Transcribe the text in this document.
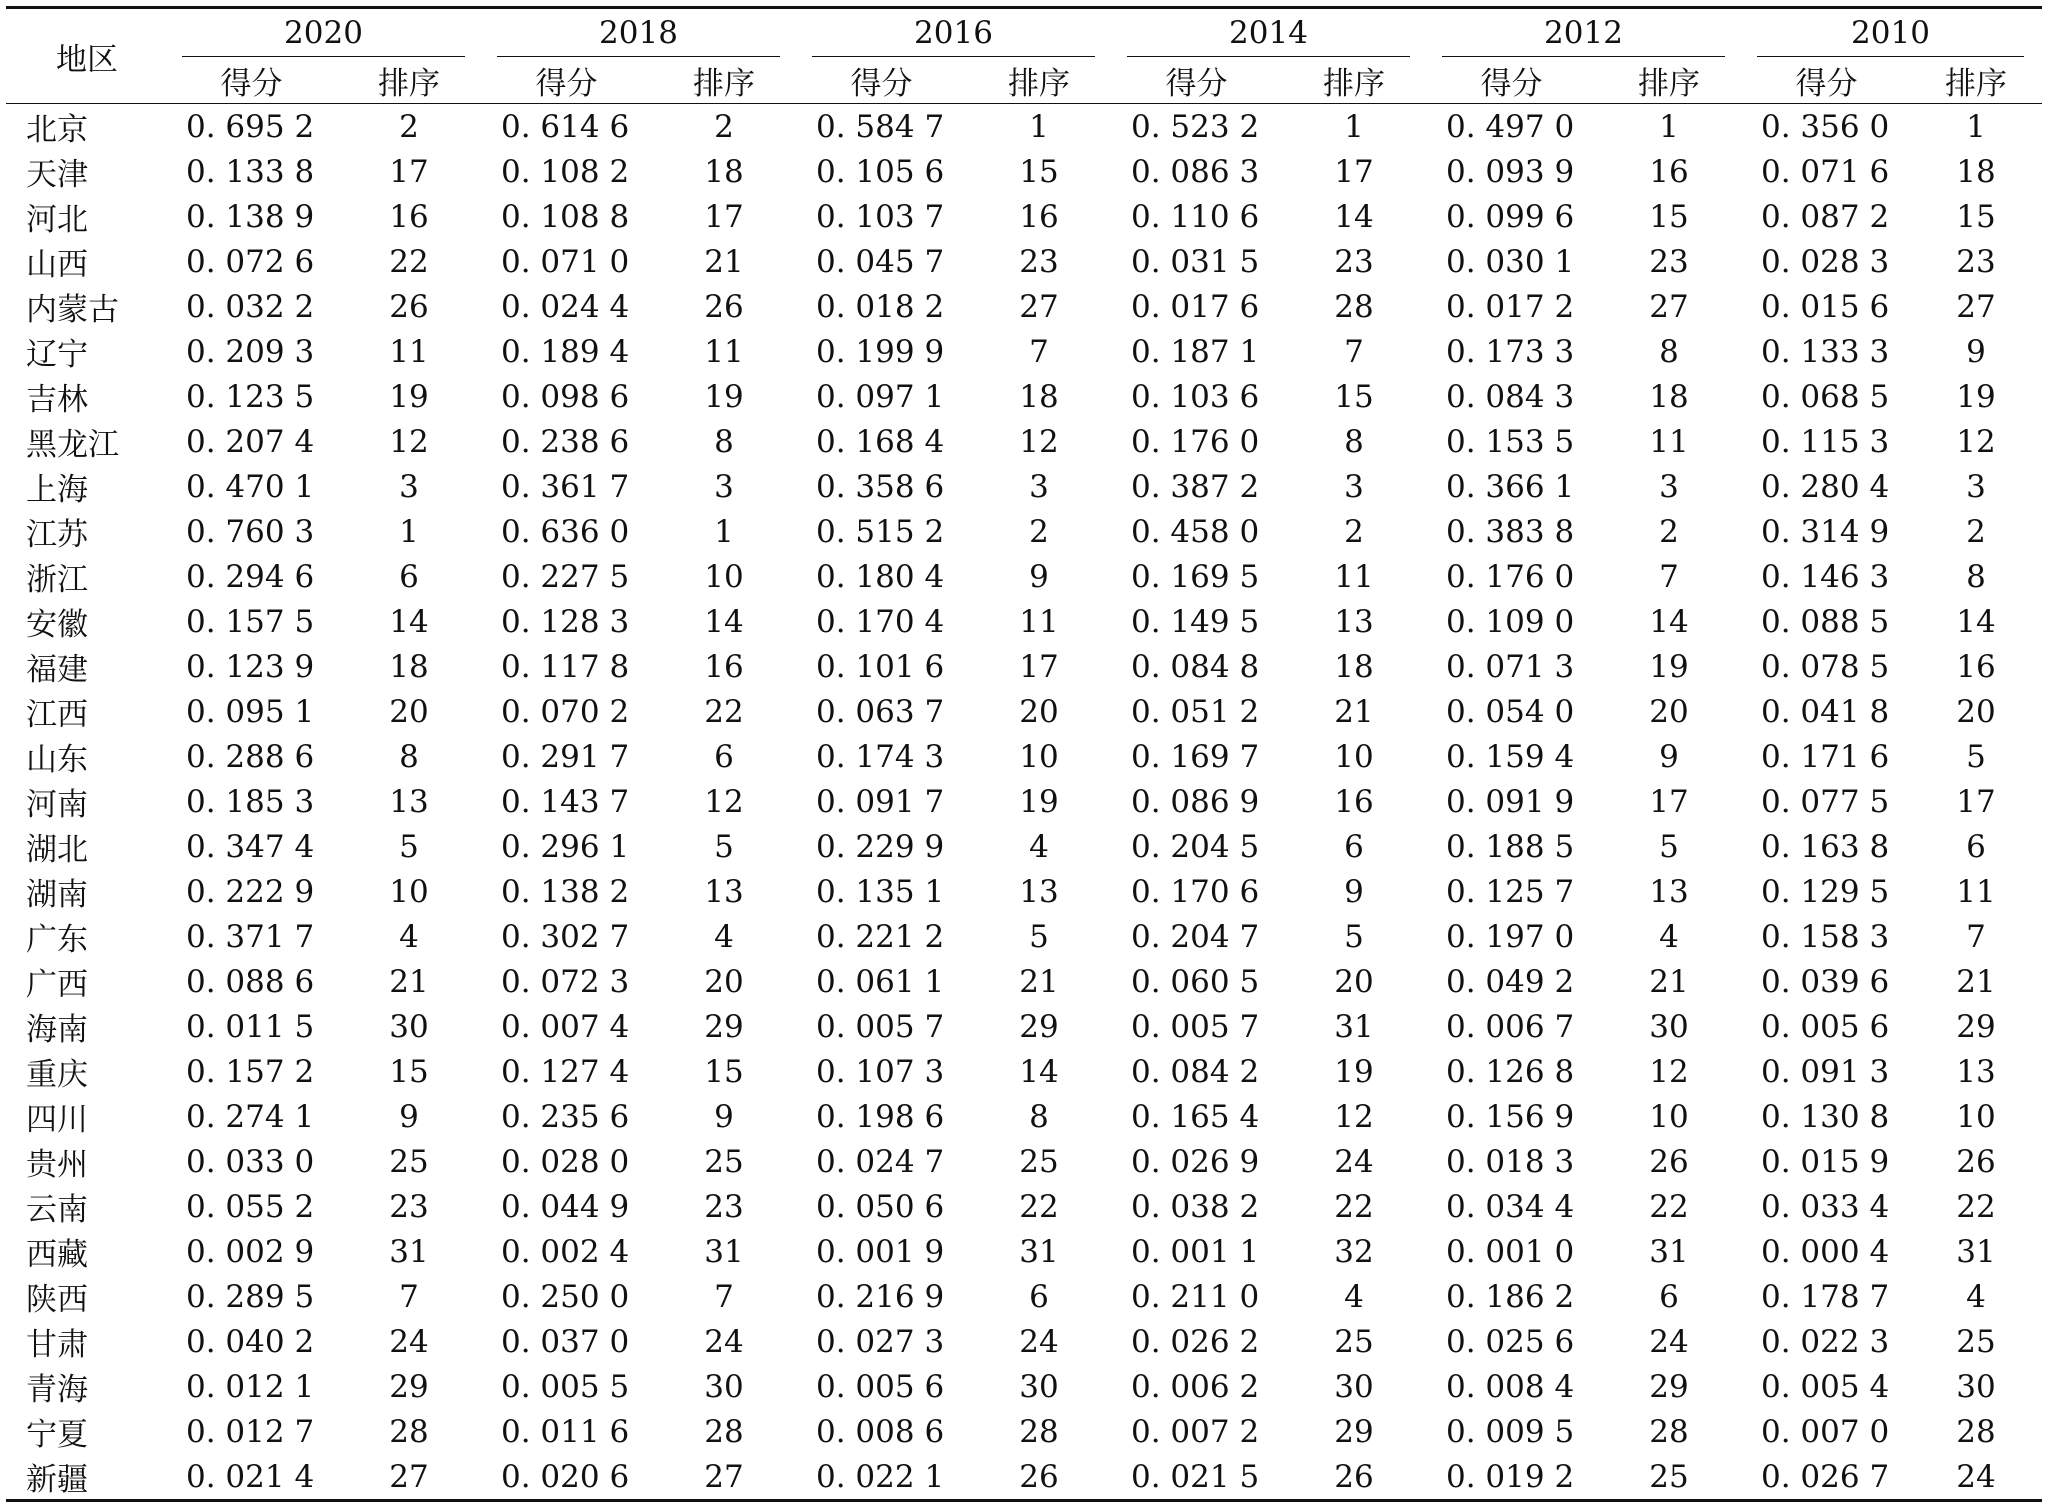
地区	2020		2018		2016		2014		2012		2010	

	得分	排序	得分	排序	得分	排序	得分	排序	得分	排序	得分	排序
北京	0. 695 2	2	0. 614 6	2	0. 584 7	1	0. 523 2	1	0. 497 0	1	0. 356 0	1
天津	0. 133 8	17	0. 108 2	18	0. 105 6	15	0. 086 3	17	0. 093 9	16	0. 071 6	18
河北	0. 138 9	16	0. 108 8	17	0. 103 7	16	0. 110 6	14	0. 099 6	15	0. 087 2	15
山西	0. 072 6	22	0. 071 0	21	0. 045 7	23	0. 031 5	23	0. 030 1	23	0. 028 3	23
内蒙古	0. 032 2	26	0. 024 4	26	0. 018 2	27	0. 017 6	28	0. 017 2	27	0. 015 6	27
辽宁	0. 209 3	11	0. 189 4	11	0. 199 9	7	0. 187 1	7	0. 173 3	8	0. 133 3	9
吉林	0. 123 5	19	0. 098 6	19	0. 097 1	18	0. 103 6	15	0. 084 3	18	0. 068 5	19
黑龙江	0. 207 4	12	0. 238 6	8	0. 168 4	12	0. 176 0	8	0. 153 5	11	0. 115 3	12
上海	0. 470 1	3	0. 361 7	3	0. 358 6	3	0. 387 2	3	0. 366 1	3	0. 280 4	3
江苏	0. 760 3	1	0. 636 0	1	0. 515 2	2	0. 458 0	2	0. 383 8	2	0. 314 9	2
浙江	0. 294 6	6	0. 227 5	10	0. 180 4	9	0. 169 5	11	0. 176 0	7	0. 146 3	8
安徽	0. 157 5	14	0. 128 3	14	0. 170 4	11	0. 149 5	13	0. 109 0	14	0. 088 5	14
福建	0. 123 9	18	0. 117 8	16	0. 101 6	17	0. 084 8	18	0. 071 3	19	0. 078 5	16
江西	0. 095 1	20	0. 070 2	22	0. 063 7	20	0. 051 2	21	0. 054 0	20	0. 041 8	20
山东	0. 288 6	8	0. 291 7	6	0. 174 3	10	0. 169 7	10	0. 159 4	9	0. 171 6	5
河南	0. 185 3	13	0. 143 7	12	0. 091 7	19	0. 086 9	16	0. 091 9	17	0. 077 5	17
湖北	0. 347 4	5	0. 296 1	5	0. 229 9	4	0. 204 5	6	0. 188 5	5	0. 163 8	6
湖南	0. 222 9	10	0. 138 2	13	0. 135 1	13	0. 170 6	9	0. 125 7	13	0. 129 5	11
广东	0. 371 7	4	0. 302 7	4	0. 221 2	5	0. 204 7	5	0. 197 0	4	0. 158 3	7
广西	0. 088 6	21	0. 072 3	20	0. 061 1	21	0. 060 5	20	0. 049 2	21	0. 039 6	21
海南	0. 011 5	30	0. 007 4	29	0. 005 7	29	0. 005 7	31	0. 006 7	30	0. 005 6	29
重庆	0. 157 2	15	0. 127 4	15	0. 107 3	14	0. 084 2	19	0. 126 8	12	0. 091 3	13
四川	0. 274 1	9	0. 235 6	9	0. 198 6	8	0. 165 4	12	0. 156 9	10	0. 130 8	10
贵州	0. 033 0	25	0. 028 0	25	0. 024 7	25	0. 026 9	24	0. 018 3	26	0. 015 9	26
云南	0. 055 2	23	0. 044 9	23	0. 050 6	22	0. 038 2	22	0. 034 4	22	0. 033 4	22
西藏	0. 002 9	31	0. 002 4	31	0. 001 9	31	0. 001 1	32	0. 001 0	31	0. 000 4	31
陕西	0. 289 5	7	0. 250 0	7	0. 216 9	6	0. 211 0	4	0. 186 2	6	0. 178 7	4
甘肃	0. 040 2	24	0. 037 0	24	0. 027 3	24	0. 026 2	25	0. 025 6	24	0. 022 3	25
青海	0. 012 1	29	0. 005 5	30	0. 005 6	30	0. 006 2	30	0. 008 4	29	0. 005 4	30
宁夏	0. 012 7	28	0. 011 6	28	0. 008 6	28	0. 007 2	29	0. 009 5	28	0. 007 0	28
新疆	0. 021 4	27	0. 020 6	27	0. 022 1	26	0. 021 5	26	0. 019 2	25	0. 026 7	24
